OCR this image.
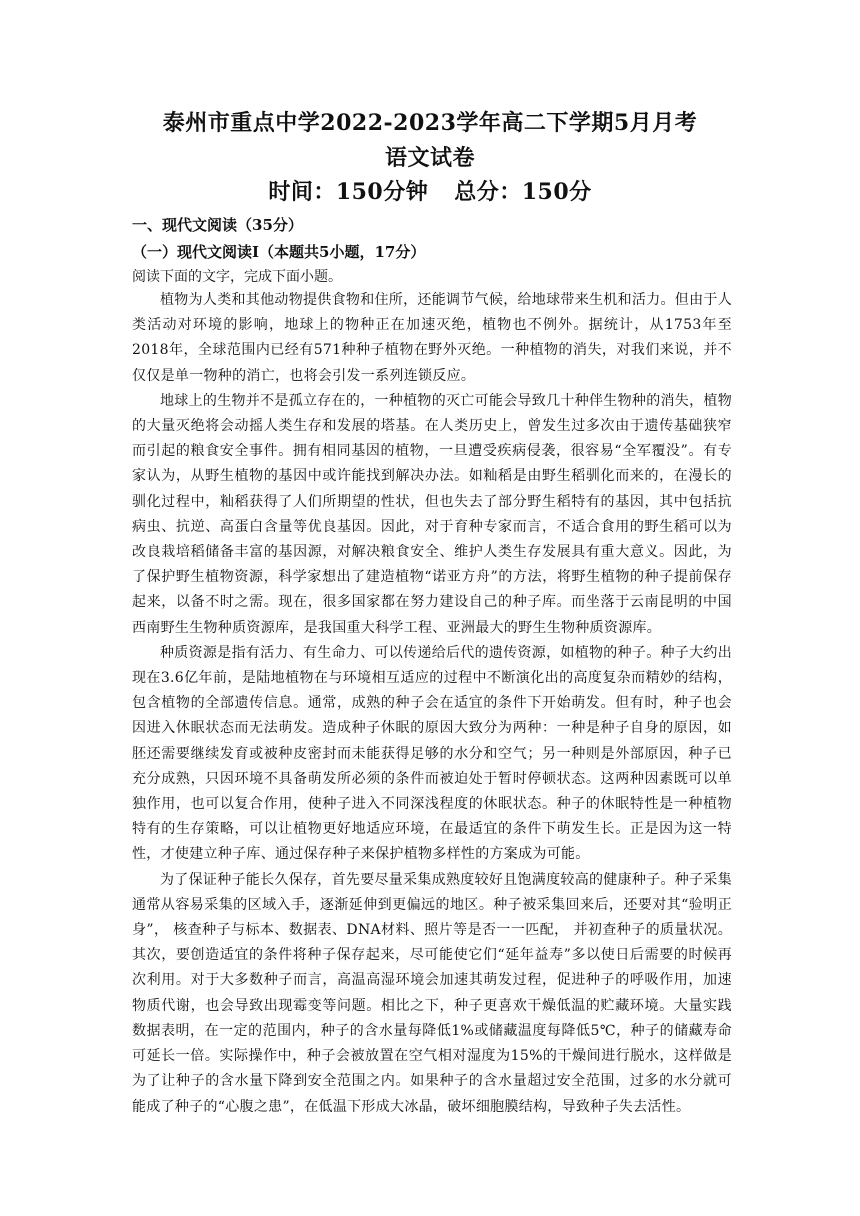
泰州市重点中学2022-2023学年高二下学期5月月考
语文试卷
时间：150分钟 总分：150分
一、现代文阅读（35分）
（一）现代文阅读Ⅰ（本题共5小题，17分）
阅读下面的文字，完成下面小题。

植物为人类和其他动物提供食物和住所，还能调节气候，给地球带来生机和活力。但由于人类活动对环境的影响，地球上的物种正在加速灭绝，植物也不例外。据统计，从1753年至2018年，全球范围内已经有571种种子植物在野外灭绝。一种植物的消失，对我们来说，并不仅仅是单一物种的消亡，也将会引发一系列连锁反应。

地球上的生物并不是孤立存在的，一种植物的灭亡可能会导致几十种伴生物种的消失，植物的大量灭绝将会动摇人类生存和发展的塔基。在人类历史上，曾发生过多次由于遗传基础狭窄而引起的粮食安全事件。拥有相同基因的植物，一旦遭受疾病侵袭，很容易“全军覆没”。有专家认为，从野生植物的基因中或许能找到解决办法。如籼稻是由野生稻驯化而来的，在漫长的驯化过程中，籼稻获得了人们所期望的性状，但也失去了部分野生稻特有的基因，其中包括抗病虫、抗逆、高蛋白含量等优良基因。因此，对于育种专家而言，不适合食用的野生稻可以为改良栽培稻储备丰富的基因源，对解决粮食安全、维护人类生存发展具有重大意义。因此，为了保护野生植物资源，科学家想出了建造植物“诺亚方舟”的方法，将野生植物的种子提前保存起来，以备不时之需。现在，很多国家都在努力建设自己的种子库。而坐落于云南昆明的中国西南野生生物种质资源库，是我国重大科学工程、亚洲最大的野生生物种质资源库。

种质资源是指有活力、有生命力、可以传递给后代的遗传资源，如植物的种子。种子大约出现在3.6亿年前，是陆地植物在与环境相互适应的过程中不断演化出的高度复杂而精妙的结构，包含植物的全部遗传信息。通常，成熟的种子会在适宜的条件下开始萌发。但有时，种子也会因进入休眠状态而无法萌发。造成种子休眠的原因大致分为两种：一种是种子自身的原因，如胚还需要继续发育或被种皮密封而未能获得足够的水分和空气；另一种则是外部原因，种子已充分成熟，只因环境不具备萌发所必须的条件而被迫处于暂时停顿状态。这两种因素既可以单独作用，也可以复合作用，使种子进入不同深浅程度的休眠状态。种子的休眠特性是一种植物特有的生存策略，可以让植物更好地适应环境，在最适宜的条件下萌发生长。正是因为这一特性，才使建立种子库、通过保存种子来保护植物多样性的方案成为可能。

为了保证种子能长久保存，首先要尽量采集成熟度较好且饱满度较高的健康种子。种子采集通常从容易采集的区域入手，逐渐延伸到更偏远的地区。种子被采集回来后，还要对其“验明正身”， 核查种子与标本、数据表、DNA材料、照片等是否一一匹配， 并初查种子的质量状况。其次，要创造适宜的条件将种子保存起来，尽可能使它们“延年益寿”多以使日后需要的时候再次利用。对于大多数种子而言，高温高湿环境会加速其萌发过程，促进种子的呼吸作用，加速物质代谢，也会导致出现霉变等问题。相比之下，种子更喜欢干燥低温的贮藏环境。大量实践数据表明，在一定的范围内，种子的含水量每降低1%或储藏温度每降低5℃，种子的储藏寿命可延长一倍。实际操作中，种子会被放置在空气相对湿度为15%的干燥间进行脱水，这样做是为了让种子的含水量下降到安全范围之内。如果种子的含水量超过安全范围，过多的水分就可能成了种子的“心腹之患”，在低温下形成大冰晶，破坏细胞膜结构，导致种子失去活性。
